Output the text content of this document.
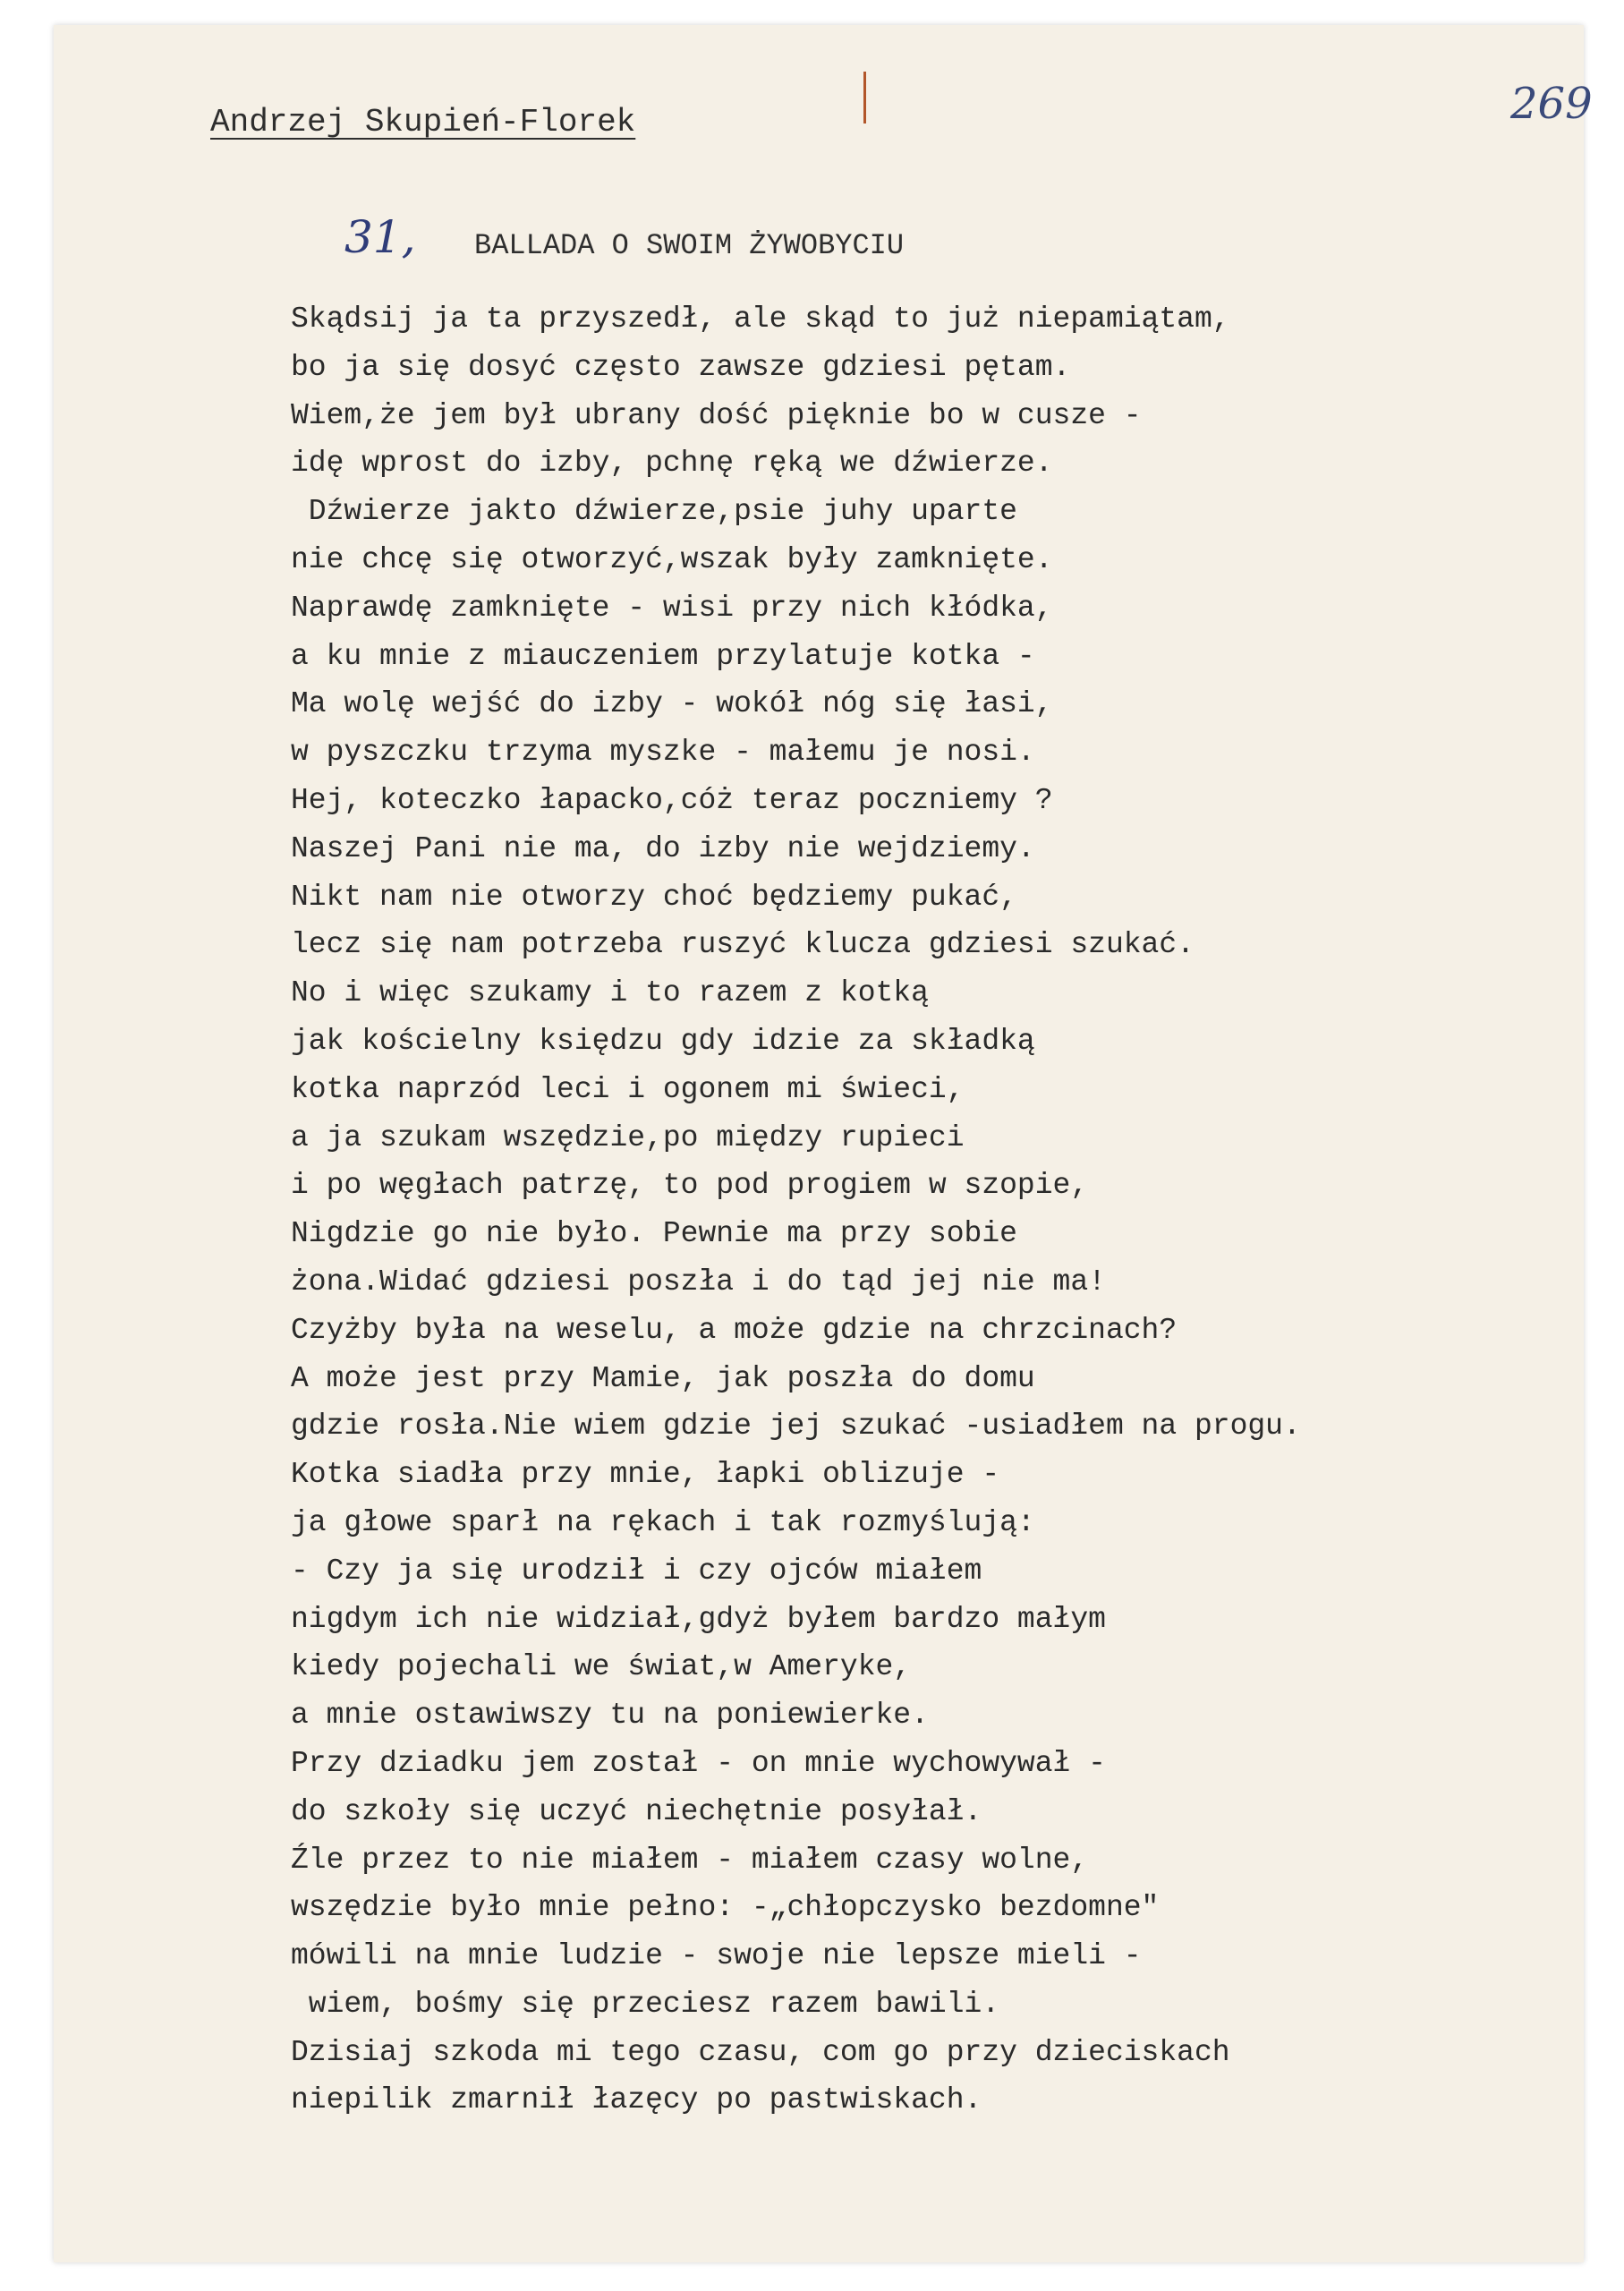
Andrzej Skupień-Florek	269
31, BALLADA O SWOIM ŻYWOBYCIU
Skądsij ja ta przyszedł, ale skąd to już niepamiątam,
bo ja się dosyć często zawsze gdziesi pętam.
Wiem,że jem był ubrany dość pięknie bo w cusze -
idę wprost do izby, pchnę ręką we dźwierze.
Dźwierze jakto dźwierze,psie juhy uparte
nie chcę się otworzyć,wszak były zamknięte.
Naprawdę zamknięte - wisi przy nich kłódka,
a ku mnie z miauczeniem przylatuje kotka -
Ma wolę wejść do izby - wokół nóg się łasi,
w pyszczku trzyma myszke - małemu je nosi.
Hej, koteczko łapacko,cóż teraz poczniemy ?
Naszej Pani nie ma, do izby nie wejdziemy.
Nikt nam nie otworzy choć będziemy pukać,
lecz się nam potrzeba ruszyć klucza gdziesi szukać.
No i więc szukamy i to razem z kotką
jak kościelny księdzu gdy idzie za składką
kotka naprzód leci i ogonem mi świeci,
a ja szukam wszędzie,po między rupieci
i po węgłach patrzę, to pod progiem w szopie,
Nigdzie go nie było. Pewnie ma przy sobie
żona.Widać gdziesi poszła i do tąd jej nie ma!
Czyżby była na weselu, a może gdzie na chrzcinach?
A może jest przy Mamie, jak poszła do domu
gdzie rosła.Nie wiem gdzie jej szukać -usiadłem na progu.
Kotka siadła przy mnie, łapki oblizuje -
ja głowe sparł na rękach i tak rozmyślują:
- Czy ja się urodził i czy ojców miałem
nigdym ich nie widział,gdyż byłem bardzo małym
kiedy pojechali we świat,w Ameryke,
a mnie ostawiwszy tu na poniewierke.
Przy dziadku jem został - on mnie wychowywał -
do szkoły się uczyć niechętnie posyłał.
Źle przez to nie miałem - miałem czasy wolne,
wszędzie było mnie pełno: -„chłopczysko bezdomne"
mówili na mnie ludzie - swoje nie lepsze mieli -
wiem, bośmy się przeciesz razem bawili.
Dzisiaj szkoda mi tego czasu, com go przy dzieciskach
niepilik zmarnił łazęcy po pastwiskach.
